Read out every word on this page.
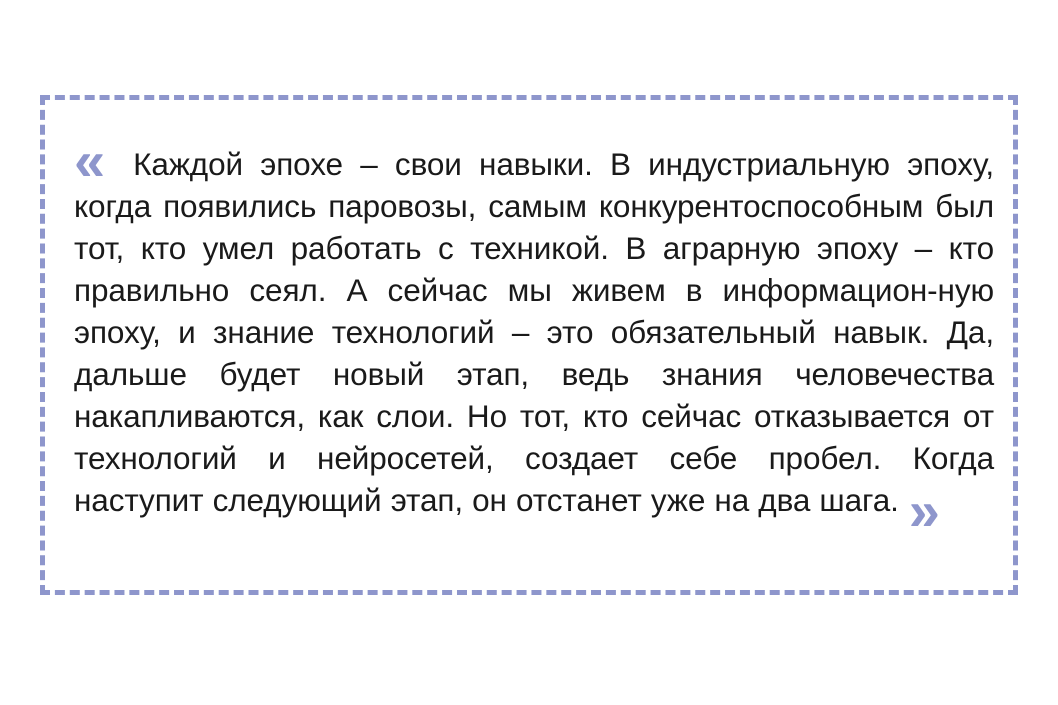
« Каждой эпохе – свои навыки. В индустриальную эпоху, когда появились паровозы, самым конкурентоспособным был тот, кто умел работать с техникой. В аграрную эпоху – кто правильно сеял. А сейчас мы живем в информацион-ную эпоху, и знание технологий – это обязательный навык. Да, дальше будет новый этап, ведь знания человечества накапливаются, как слои. Но тот, кто сейчас отказывается от технологий и нейросетей, создает себе пробел. Когда наступит следующий этап, он отстанет уже на два шага. »
